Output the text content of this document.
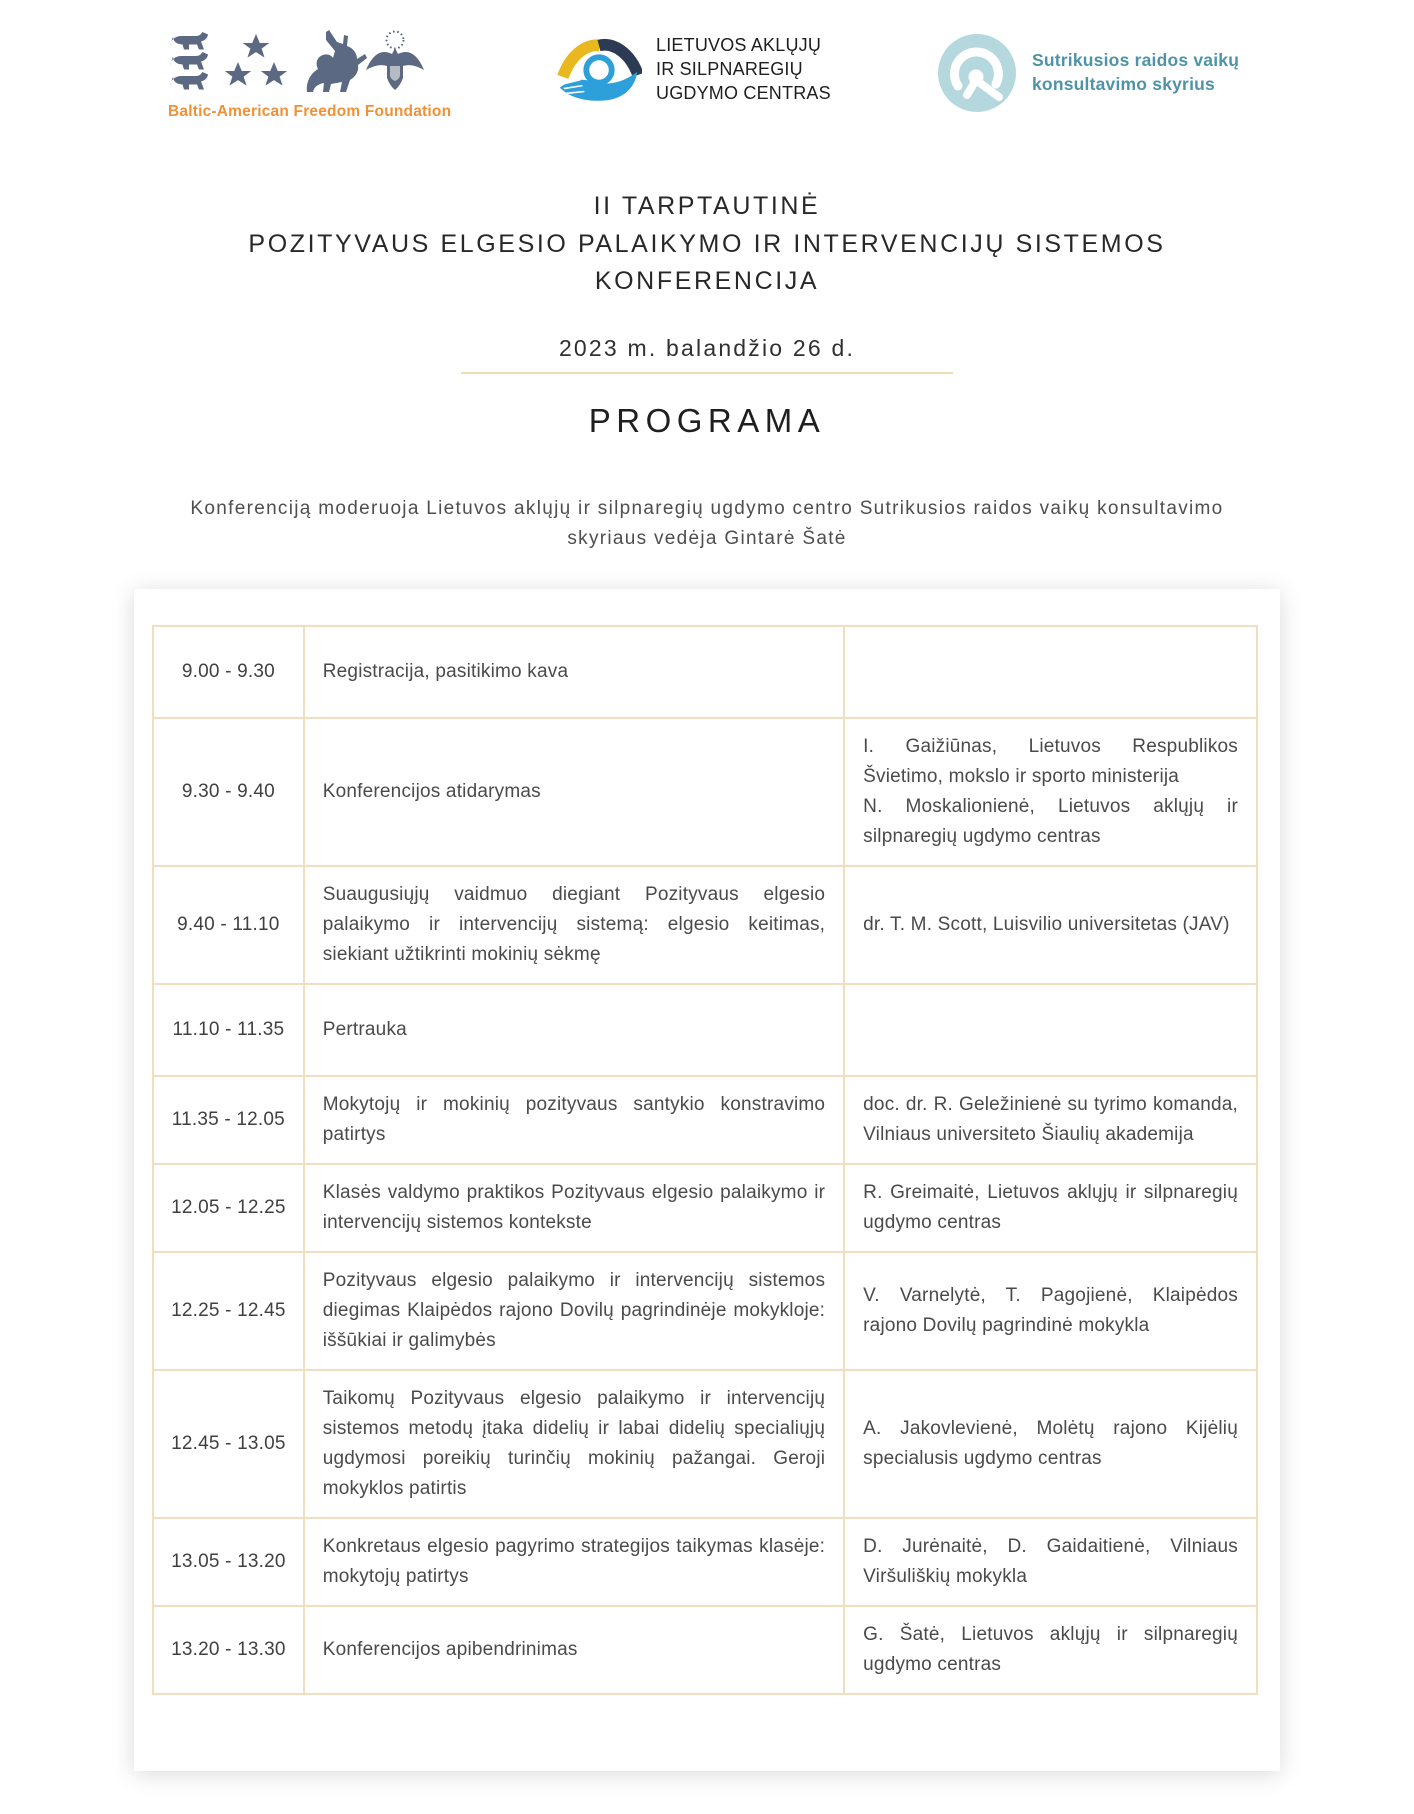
Baltic-American Freedom Foundation
LIETUVOS AKLŲJŲ
IR SILPNAREGIŲ
UGDYMO CENTRAS
Sutrikusios raidos vaikų
konsultavimo skyrius
II TARPTAUTINĖ
POZITYVAUS ELGESIO PALAIKYMO IR INTERVENCIJŲ SISTEMOS
KONFERENCIJA
2023 m. balandžio 26 d.
PROGRAMA

Konferenciją moderuoja Lietuvos aklųjų ir silpnaregių ugdymo centro Sutrikusios raidos vaikų konsultavimo skyriaus vedėja Gintarė Šatė

9.00 - 9.30	Registracija, pasitikimo kava	
9.30 - 9.40	Konferencijos atidarymas	I. Gaižiūnas, Lietuvos Respublikos Švietimo, mokslo ir sporto ministerija
N. Moskalionienė, Lietuvos aklųjų ir silpnaregių ugdymo centras

9.40 - 11.10	Suaugusiųjų vaidmuo diegiant Pozityvaus elgesio palaikymo ir intervencijų sistemą: elgesio keitimas, siekiant užtikrinti mokinių sėkmę	dr. T. M. Scott, Luisvilio universitetas (JAV)

11.10 - 11.35	Pertrauka	
11.35 - 12.05	Mokytojų ir mokinių pozityvaus santykio konstravimo patirtys	doc. dr. R. Geležinienė su tyrimo komanda, Vilniaus universiteto Šiaulių akademija

12.05 - 12.25	Klasės valdymo praktikos Pozityvaus elgesio palaikymo ir intervencijų sistemos kontekste	R. Greimaitė, Lietuvos aklųjų ir silpnaregių ugdymo centras

12.25 - 12.45	Pozityvaus elgesio palaikymo ir intervencijų sistemos diegimas Klaipėdos rajono Dovilų pagrindinėje mokykloje: iššūkiai ir galimybės	V. Varnelytė, T. Pagojienė, Klaipėdos rajono Dovilų pagrindinė mokykla

12.45 - 13.05	Taikomų Pozityvaus elgesio palaikymo ir intervencijų sistemos metodų įtaka didelių ir labai didelių specialiųjų ugdymosi poreikių turinčių mokinių pažangai. Geroji mokyklos patirtis	A. Jakovlevienė, Molėtų rajono Kijėlių specialusis ugdymo centras

13.05 - 13.20	Konkretaus elgesio pagyrimo strategijos taikymas klasėje: mokytojų patirtys	D. Jurėnaitė, D. Gaidaitienė, Vilniaus Viršuliškių mokykla

13.20 - 13.30	Konferencijos apibendrinimas	G. Šatė, Lietuvos aklųjų ir silpnaregių ugdymo centras
